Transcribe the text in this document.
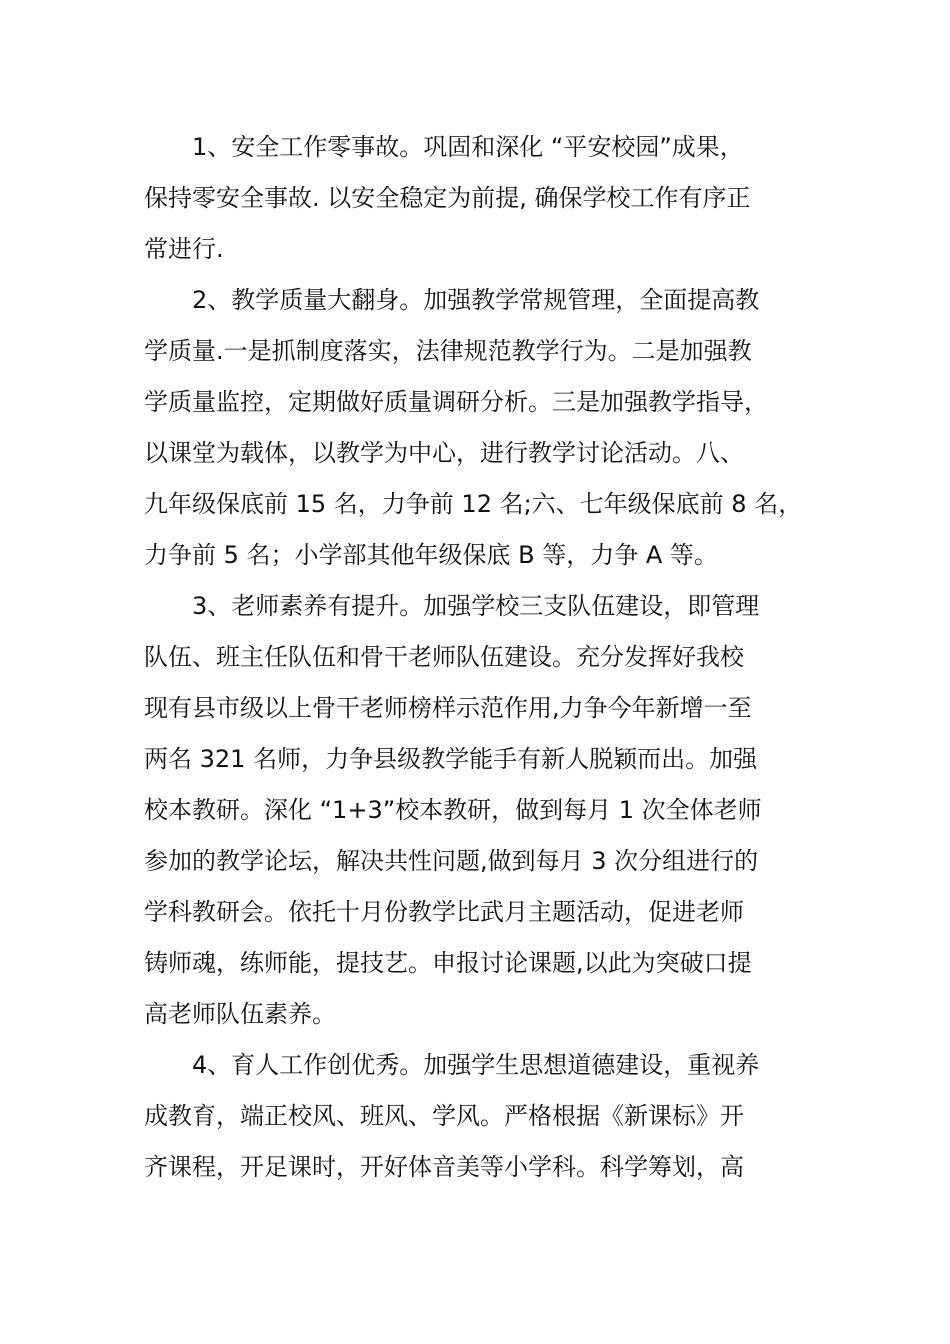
1、安全工作零事故。巩固和深化 “平安校园”成果，
保持零安全事故. 以安全稳定为前提, 确保学校工作有序正
常进行.

2、教学质量大翻身。加强教学常规管理，全面提高教
学质量.一是抓制度落实，法律规范教学行为。二是加强教
学质量监控，定期做好质量调研分析。三是加强教学指导，
以课堂为载体，以教学为中心，进行教学讨论活动。八、
九年级保底前 15 名，力争前 12 名;六、七年级保底前 8 名，
力争前 5 名；小学部其他年级保底 B 等，力争 A 等。

3、老师素养有提升。加强学校三支队伍建设，即管理
队伍、班主任队伍和骨干老师队伍建设。充分发挥好我校
现有县市级以上骨干老师榜样示范作用,力争今年新增一至
两名 321 名师，力争县级教学能手有新人脱颖而出。加强
校本教研。深化 “1+3”校本教研，做到每月 1 次全体老师
参加的教学论坛，解决共性问题,做到每月 3 次分组进行的
学科教研会。依托十月份教学比武月主题活动，促进老师
铸师魂，练师能，提技艺。申报讨论课题,以此为突破口提
高老师队伍素养。

4、育人工作创优秀。加强学生思想道德建设，重视养
成教育，端正校风、班风、学风。严格根据《新课标》开
齐课程，开足课时，开好体音美等小学科。科学筹划，高
